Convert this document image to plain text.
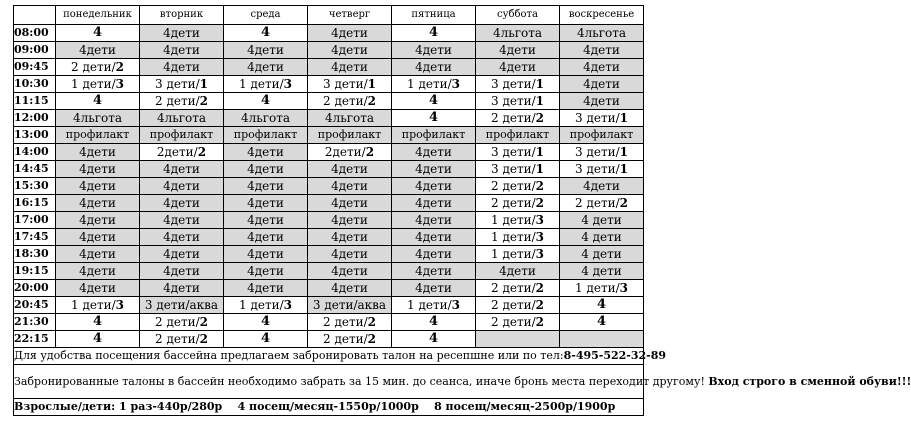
	понедельник	вторник	среда	четверг	пятница	суббота	воскресенье
08:00	4	4дети	4	4дети	4	4льгота	4льгота
09:00	4дети	4дети	4дети	4дети	4дети	4дети	4дети
09:45	2 дети/2	4дети	4дети	4дети	4дети	4дети	4дети
10:30	1 дети/3	3 дети/1	1 дети/3	3 дети/1	1 дети/3	3 дети/1	4дети
11:15	4	2 дети/2	4	2 дети/2	4	3 дети/1	4дети
12:00	4льгота	4льгота	4льгота	4льгота	4	2 дети/2	3 дети/1
13:00	профилакт	профилакт	профилакт	профилакт	профилакт	профилакт	профилакт
14:00	4дети	2дети/2	4дети	2дети/2	4дети	3 дети/1	3 дети/1
14:45	4дети	4дети	4дети	4дети	4дети	3 дети/1	3 дети/1
15:30	4дети	4дети	4дети	4дети	4дети	2 дети/2	4дети
16:15	4дети	4дети	4дети	4дети	4дети	2 дети/2	2 дети/2
17:00	4дети	4дети	4дети	4дети	4дети	1 дети/3	4 дети
17:45	4дети	4дети	4дети	4дети	4дети	1 дети/3	4 дети
18:30	4дети	4дети	4дети	4дети	4дети	1 дети/3	4 дети
19:15	4дети	4дети	4дети	4дети	4дети	4дети	4 дети
20:00	4дети	4дети	4дети	4дети	4дети	2 дети/2	1 дети/3
20:45	1 дети/3	3 дети/аква	1 дети/3	3 дети/аква	1 дети/3	2 дети/2	4
21:30	4	2 дети/2	4	2 дети/2	4	2 дети/2	4
22:15	4	2 дети/2	4	2 дети/2	4		
Для удобства посещения бассейна предлагаем забронировать талон на ресепшне или по тел:8-495-522-32-89							
Забронированные талоны в бассейн необходимо забрать за 15 мин. до сеанса, иначе бронь места переходит другому! Вход строго в сменной обуви!!!							
Взрослые/дети: 1 раз-440р/280р    4 посещ/месяц-1550р/1000р    8 посещ/месяц-2500р/1900р							
